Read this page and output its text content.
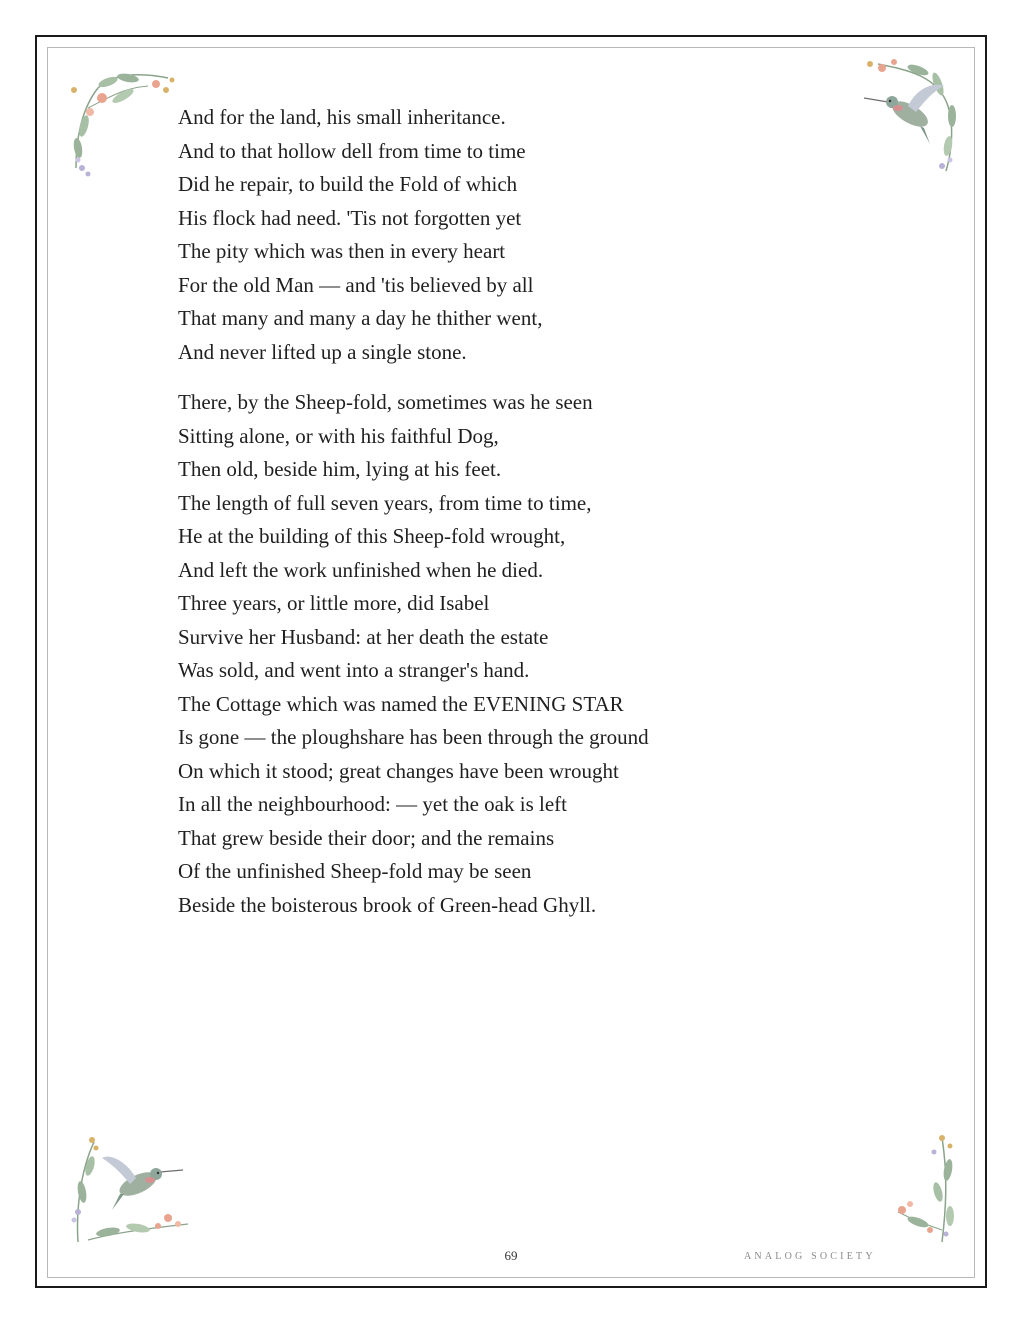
And for the land, his small inheritance.
And to that hollow dell from time to time
Did he repair, to build the Fold of which
His flock had need. 'Tis not forgotten yet
The pity which was then in every heart
For the old Man — and 'tis believed by all
That many and many a day he thither went,
And never lifted up a single stone.
There, by the Sheep-fold, sometimes was he seen
Sitting alone, or with his faithful Dog,
Then old, beside him, lying at his feet.
The length of full seven years, from time to time,
He at the building of this Sheep-fold wrought,
And left the work unfinished when he died.
Three years, or little more, did Isabel
Survive her Husband: at her death the estate
Was sold, and went into a stranger's hand.
The Cottage which was named the EVENING STAR
Is gone — the ploughshare has been through the ground
On which it stood; great changes have been wrought
In all the neighbourhood: — yet the oak is left
That grew beside their door; and the remains
Of the unfinished Sheep-fold may be seen
Beside the boisterous brook of Green-head Ghyll.
69	ANALOG SOCIETY
